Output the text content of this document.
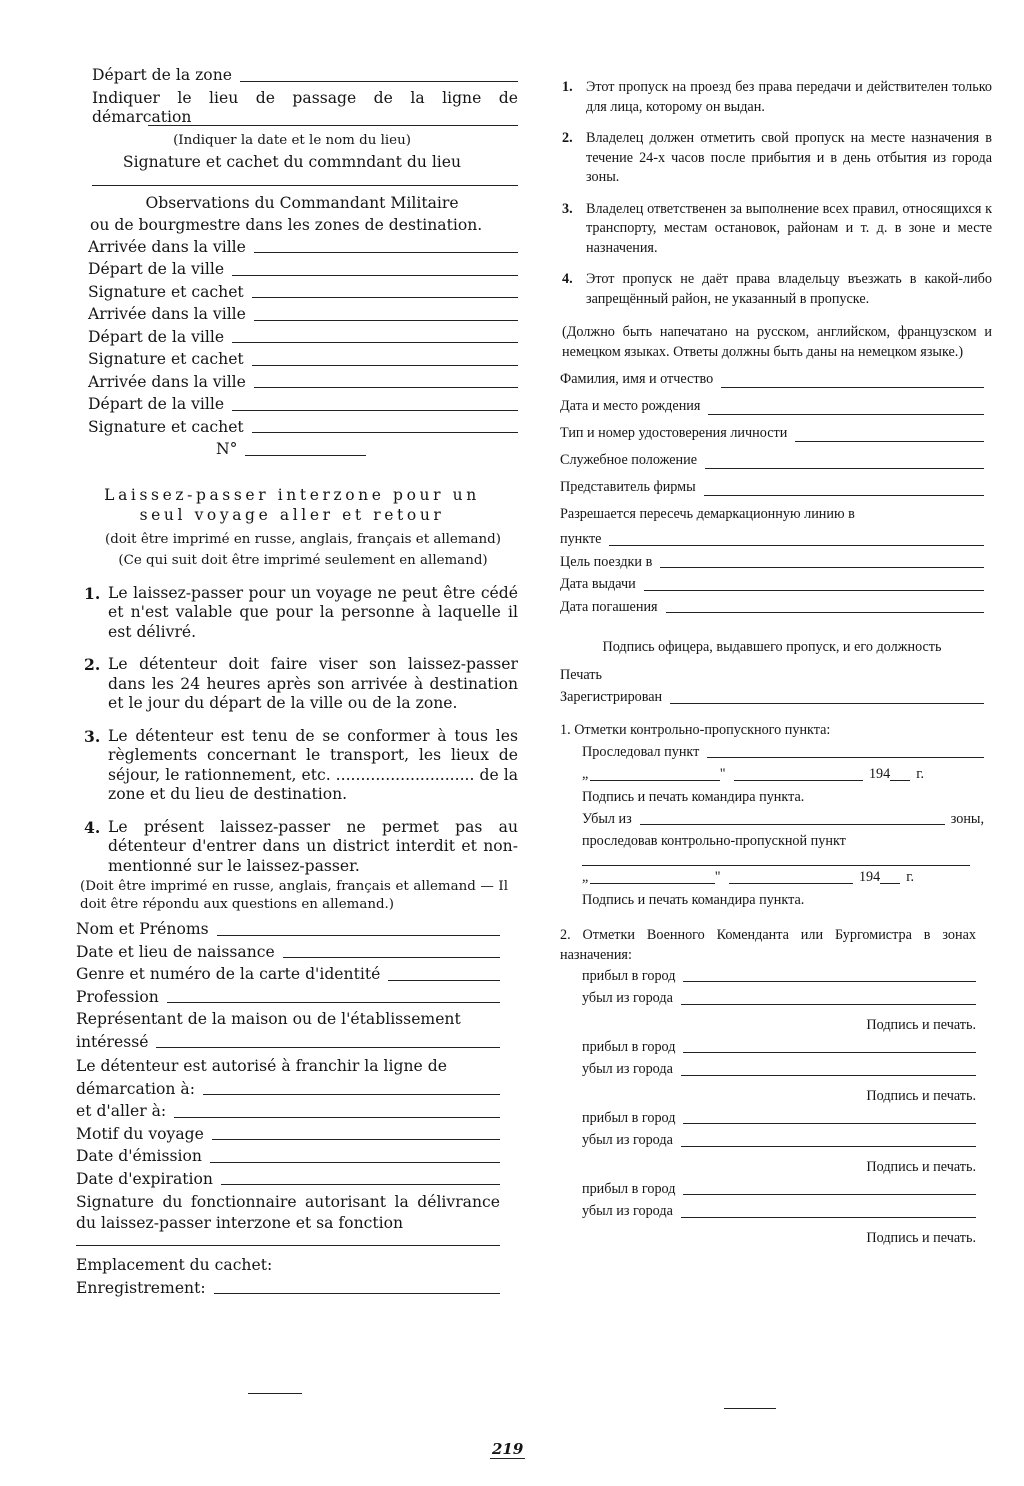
Départ de la zone
Indiquer le lieu de passage de la ligne de démarcation
(Indiquer la date et le nom du lieu)
Signature et cachet du commndant du lieu
Observations du Commandant Militaire
ou de bourgmestre dans les zones de destination.
Arrivée dans la ville
Départ de la ville
Signature et cachet
Arrivée dans la ville
Départ de la ville
Signature et cachet
Arrivée dans la ville
Départ de la ville
Signature et cachet
N°
Laissez-passer interzone pour un
seul voyage aller et retour
(doit être imprimé en russe, anglais, français et allemand)
(Ce qui suit doit être imprimé seulement en allemand)
1. Le laissez-passer pour un voyage ne peut être cédé et n'est valable que pour la personne à laquelle il est délivré.
2. Le détenteur doit faire viser son laissez-passer dans les 24 heures après son arrivée à destination et le jour du départ de la ville ou de la zone.
3. Le détenteur est tenu de se conformer à tous les règlements concernant le transport, les lieux de séjour, le rationnement, etc. ............................ de la zone et du lieu de destination.
4. Le présent laissez-passer ne permet pas au détenteur d'entrer dans un district interdit et non-mentionné sur le laissez-passer.
(Doit être imprimé en russe, anglais, français et allemand — Il doit être répondu aux questions en allemand.)
Nom et Prénoms
Date et lieu de naissance
Genre et numéro de la carte d'identité
Profession
Représentant de la maison ou de l'établissement
intéressé
Le détenteur est autorisé à franchir la ligne de
démarcation à:
et d'aller à:
Motif du voyage
Date d'émission
Date d'expiration
Signature du fonctionnaire autorisant la délivrance du laissez-passer interzone et sa fonction
Emplacement du cachet:
Enregistrement:
1. Этот пропуск на проезд без права передачи и действителен только для лица, которому он выдан.
2. Владелец должен отметить свой пропуск на месте назначения в течение 24-х часов после прибытия и в день отбытия из города зоны.
3. Владелец ответственен за выполнение всех правил, относящихся к транспорту, местам остановок, районам и т. д. в зоне и месте назначения.
4. Этот пропуск не даёт права владельцу въезжать в какой-либо запрещённый район, не указанный в пропуске.
(Должно быть напечатано на русском, английском, французском и немецком языках. Ответы должны быть даны на немецком языке.)
Фамилия, имя и отчество
Дата и место рождения
Тип и номер удостоверения личности
Служебное положение
Представитель фирмы
Разрешается пересечь демаркационную линию в
пункте
Цель поездки в
Дата выдачи
Дата погашения
Подпись офицера, выдавшего пропуск, и его должность
Печать
Зарегистрирован
1. Отметки контрольно-пропускного пункта:
Проследовал пункт
„	"	194 г.
Подпись и печать командира пункта.
Убыл из	зоны,
проследовав контрольно-пропускной пункт
„	"	194 г.
Подпись и печать командира пункта.
2. Отметки Военного Коменданта или Бургомистра в зонах назначения:
прибыл в город
убыл из города
Подпись и печать.
прибыл в город
убыл из города
Подпись и печать.
прибыл в город
убыл из города
Подпись и печать.
прибыл в город
убыл из города
Подпись и печать.
219
